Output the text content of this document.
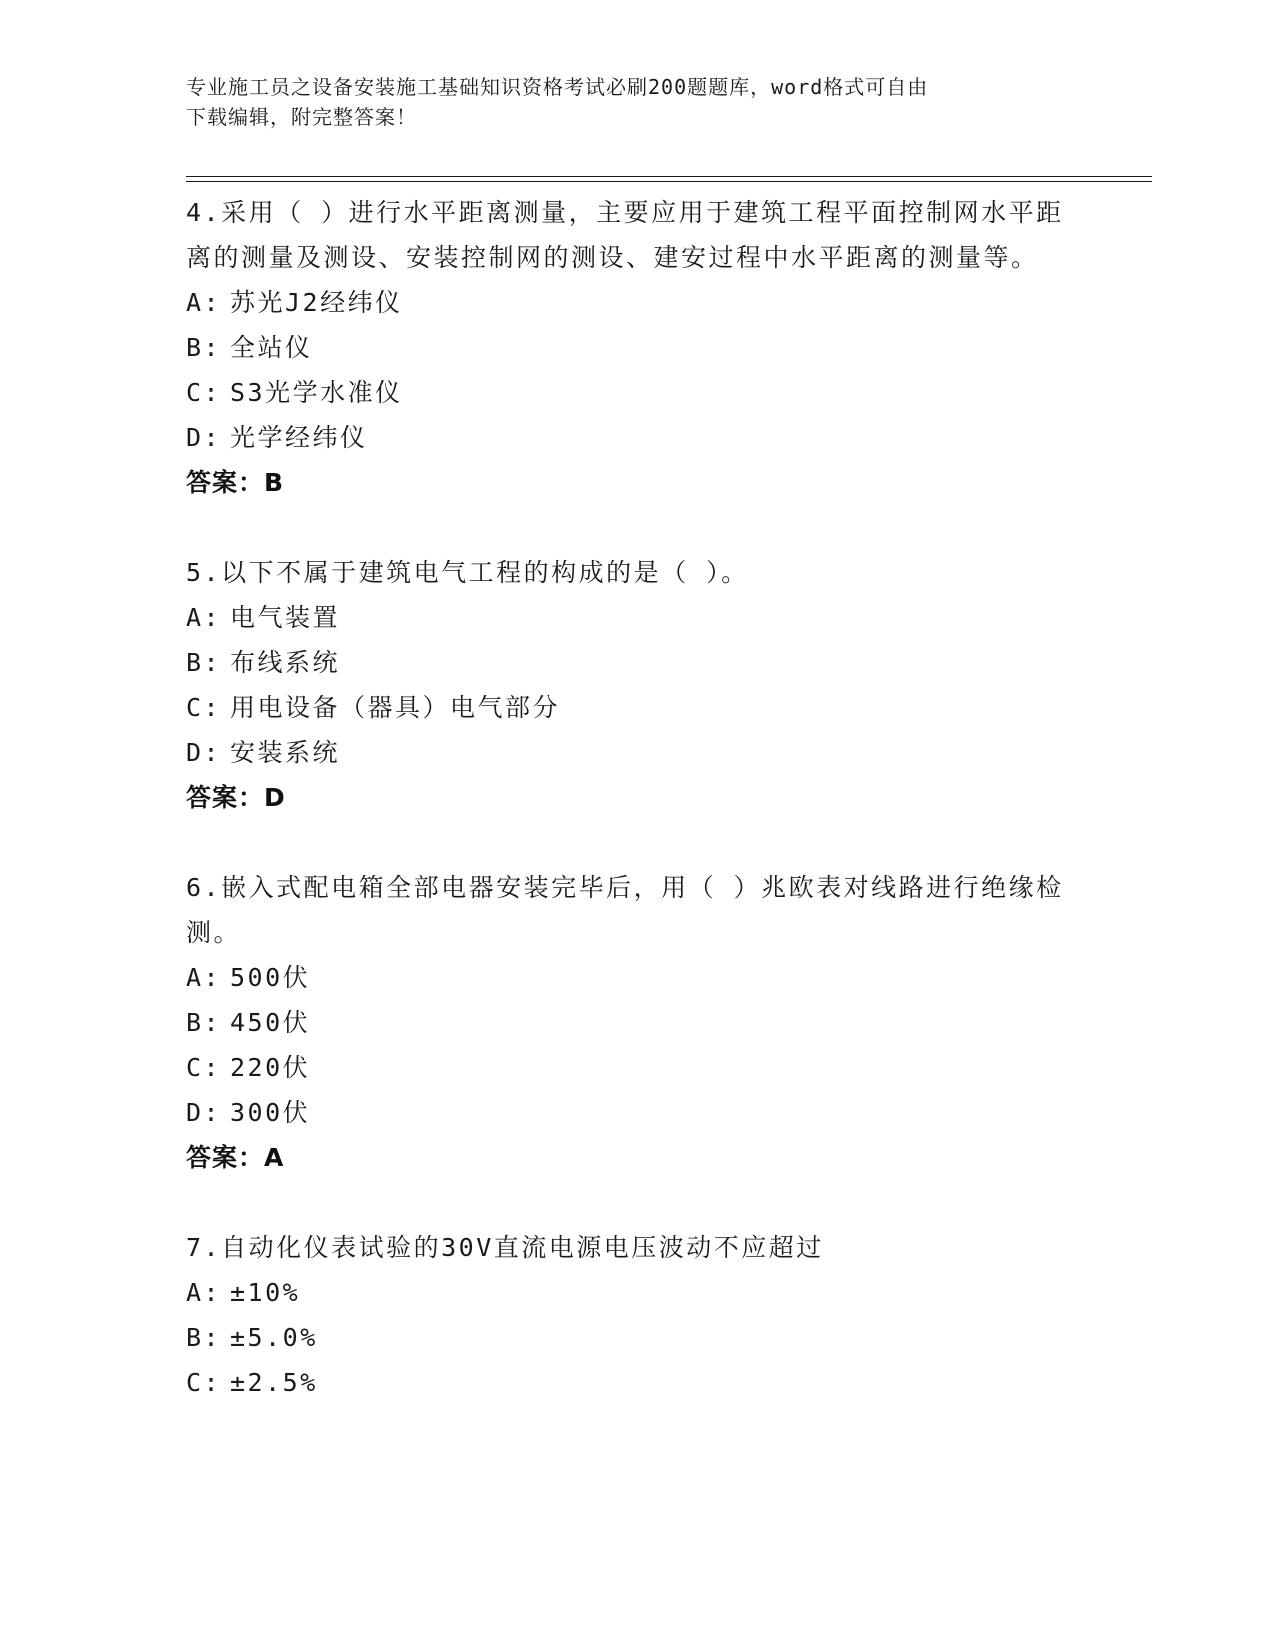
专业施工员之设备安装施工基础知识资格考试必刷200题题库，word格式可自由
下载编辑，附完整答案！

4.采用（ ）进行水平距离测量，主要应用于建筑工程平面控制网水平距离的测量及测设、安装控制网的测设、建安过程中水平距离的测量等。

A: 苏光J2经纬仪
B: 全站仪
C: S3光学水准仪
D: 光学经纬仪
答案：B

5.以下不属于建筑电气工程的构成的是（ ）。

A: 电气装置
B: 布线系统
C: 用电设备（器具）电气部分
D: 安装系统
答案：D

6.嵌入式配电箱全部电器安装完毕后，用（ ）兆欧表对线路进行绝缘检测。

A: 500伏
B: 450伏
C: 220伏
D: 300伏
答案：A

7.自动化仪表试验的30V直流电源电压波动不应超过

A: ±10%
B: ±5.0%
C: ±2.5%
